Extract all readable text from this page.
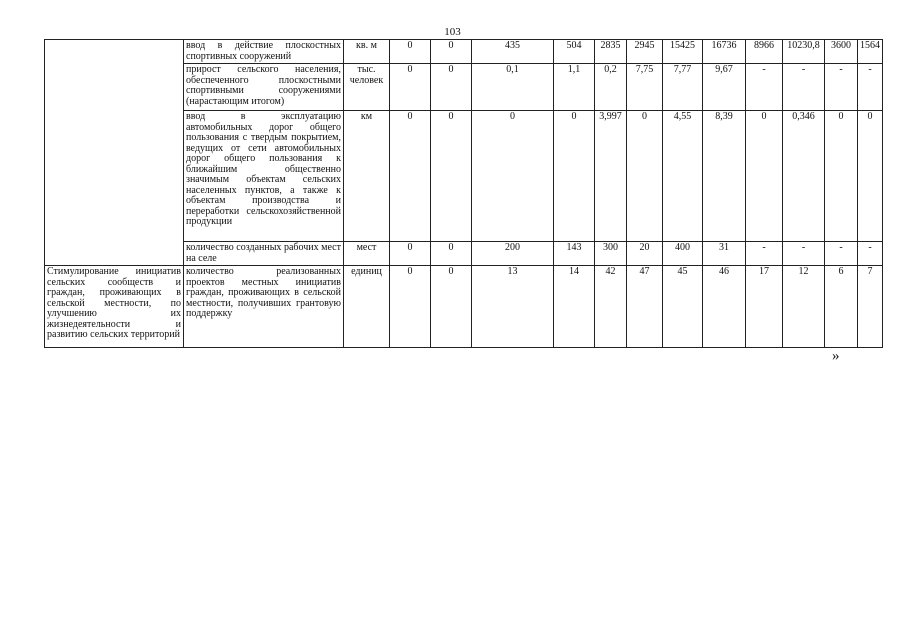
103
	ввод в действие плоскостных спортивных сооружений	кв. м	0	0	435	504	2835	2945	15425	16736	8966	10230,8	3600	1564
	прирост сельского населения, обеспеченного плоскостными спортивными сооружениями (нарастающим итогом)	тыс. человек	0	0	0,1	1,1	0,2	7,75	7,77	9,67	-	-	-	-
	ввод в эксплуатацию автомобильных дорог общего пользования с твердым покрытием, ведущих от сети автомобильных дорог общего пользования к ближайшим общественно значимым объектам сельских населенных пунктов, а также к объектам производства и переработки сельскохозяйственной продукции	км	0	0	0	0	3,997	0	4,55	8,39	0	0,346	0	0
	количество созданных рабочих мест на селе	мест	0	0	200	143	300	20	400	31	-	-	-	-
Стимулирование инициатив сельских сообществ и граждан, проживающих в сельской местности, по улучшению их жизнедеятельности и развитию сельских территорий	количество реализованных проектов местных инициатив граждан, проживающих в сельской местности, получивших грантовую поддержку	единиц	0	0	13	14	42	47	45	46	17	12	6	7
»
